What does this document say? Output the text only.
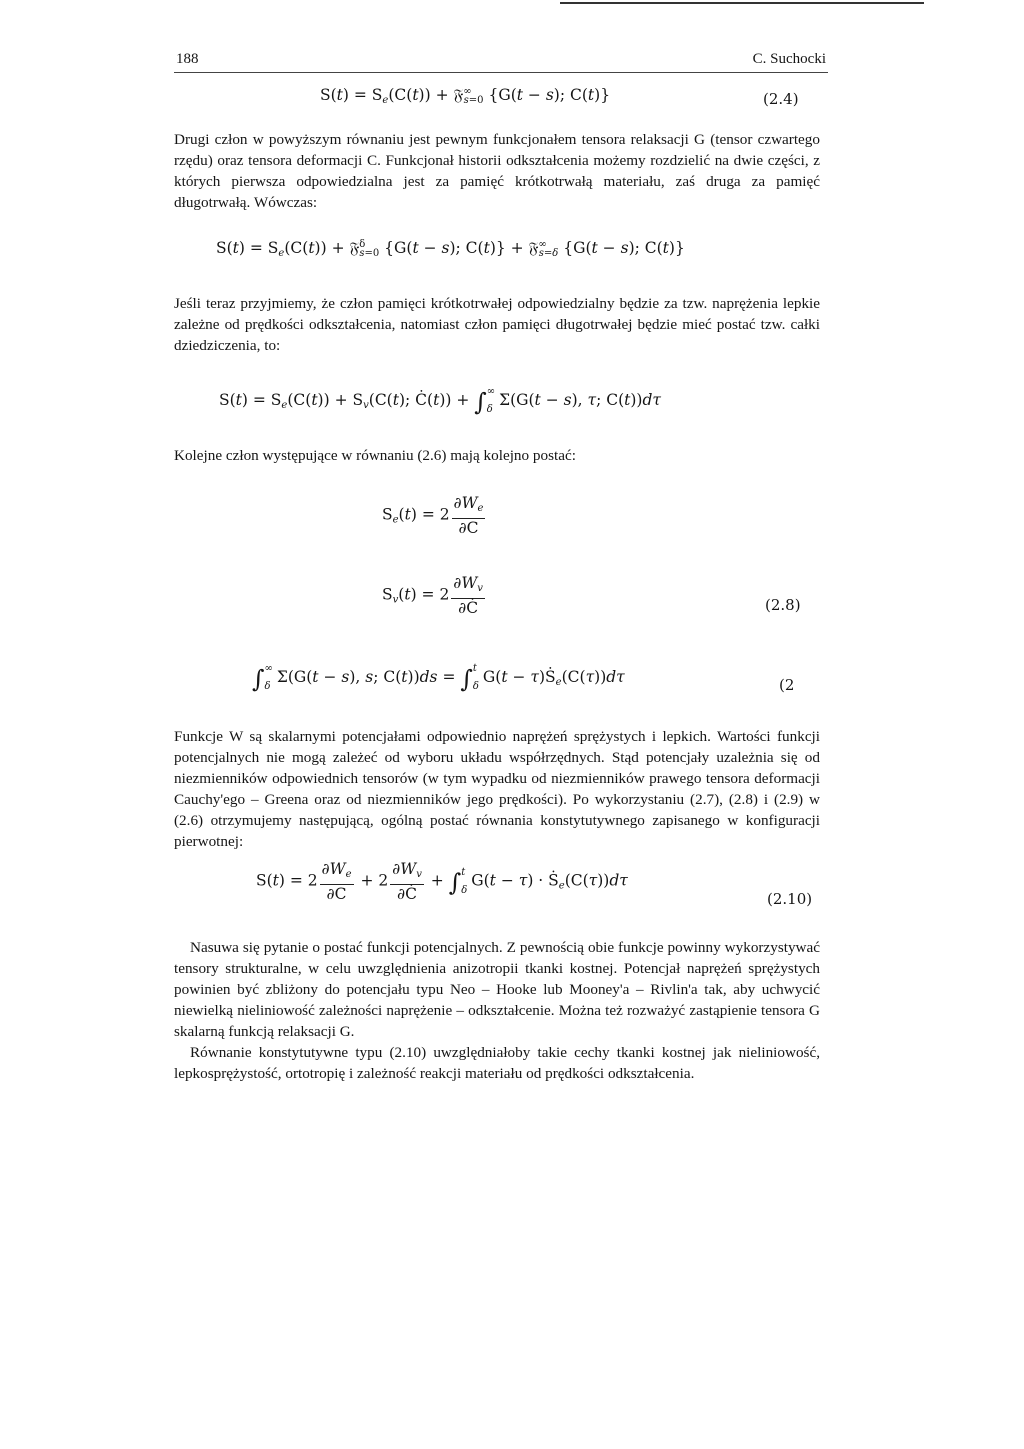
188	C. Suchocki
$S(t) = S_e(C(t))$ + 𝔉∞$_{s=0}$ {G(t − s); C(t)}	(2.4)

Drugi człon w powyższym równaniu jest pewnym funkcjonałem tensora relaksacji G (tensor czwartego rzędu) oraz tensora deformacji C. Funkcjonał historii odkształcenia możemy rozdzielić na dwie części, z których pierwsza odpowiedzialna jest za pamięć krótkotrwałą materiału, zaś druga za pamięć długotrwałą. Wówczas:

$S(t) = S_e(C(t))$ + 𝔉$^\delta_{s=0}$ {G(t − s); C(t)} + 𝔉∞$_{s=\delta}$ {G(t − s); C(t)}

Jeśli teraz przyjmiemy, że człon pamięci krótkotrwałej odpowiedzialny będzie za tzw. naprężenia lepkie zależne od prędkości odkształcenia, natomiast człon pamięci długotrwałej będzie mieć postać tzw. całki dziedziczenia, to:

$S(t) = S_e(C(t)) + S_v(C(t)$; Ċ(t)) + ∫ ∞
δ
Σ(G(t − s), τ; C(t))dτ

Kolejne człon występujące w równaniu (2.6) mają kolejno postać:

$S_e(t) = 2 \frac{\partial W_e}{\partial C}$
$S_v(t) = 2 \frac{\partial W_v}{\partial Ċ}$	(2.8)
∫ ∞
δ
Σ(G(t − s), s; C(t))ds = ∫ t
δ
G(t − τ)Ṡ$_e$(C(τ))dτ	(2

Funkcje W są skalarnymi potencjałami odpowiednio naprężeń sprężystych i lepkich. Wartości funkcji potencjalnych nie mogą zależeć od wyboru układu współrzędnych. Stąd potencjały uzależnia się od niezmienników odpowiednich tensorów (w tym wypadku od niezmienników prawego tensora deformacji Cauchy'ego – Greena oraz od niezmienników jego prędkości). Po wykorzystaniu (2.7), (2.8) i (2.9) w (2.6) otrzymujemy następującą, ogólną postać równania konstytutywnego zapisanego w konfiguracji pierwotnej:

$S(t) = 2 \frac{\partial W_e}{\partial C} + 2 \frac{\partial W_v}{\partial Ċ}$ + ∫ t
δ
G(t − τ) · Ṡ$_e$(C(τ))dτ
(2.10)

Nasuwa się pytanie o postać funkcji potencjalnych. Z pewnością obie funkcje powinny wykorzystywać tensory strukturalne, w celu uwzględnienia anizotropii tkanki kostnej. Potencjał naprężeń sprężystych powinien być zbliżony do potencjału typu Neo – Hooke lub Mooney'a – Rivlin'a tak, aby uchwycić niewielką nieliniowość zależności naprężenie – odkształcenie. Można też rozważyć zastąpienie tensora G skalarną funkcją relaksacji G.

Równanie konstytutywne typu (2.10) uwzględniałoby takie cechy tkanki kostnej jak nieliniowość, lepkosprężystość, ortotropię i zależność reakcji materiału od prędkości odkształcenia.
